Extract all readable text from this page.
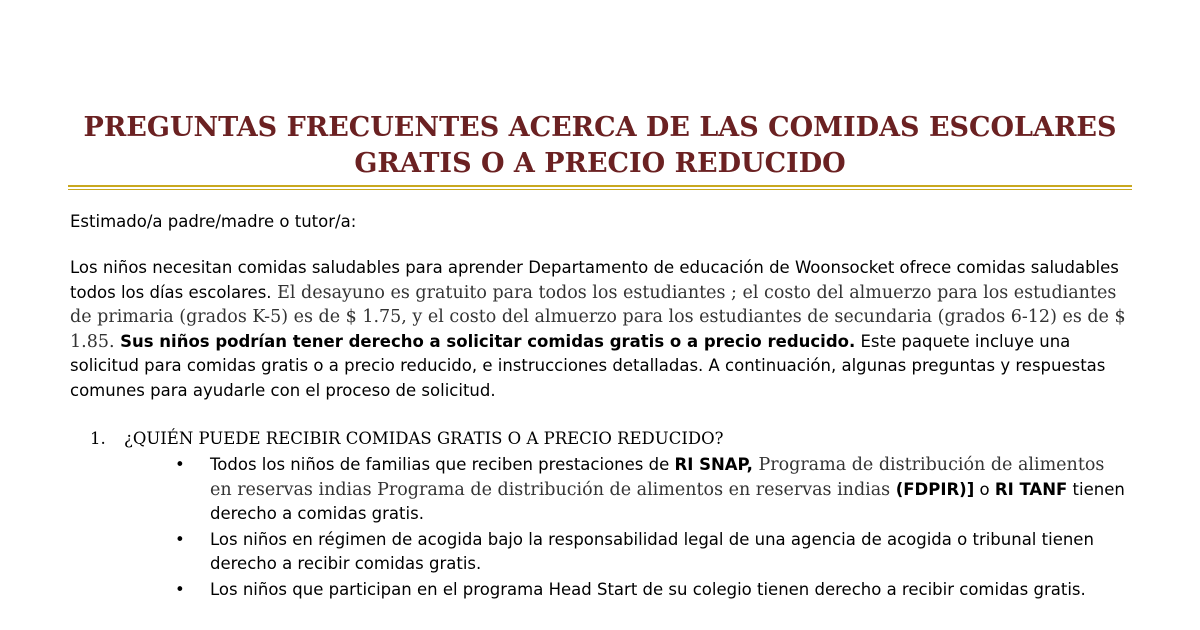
PREGUNTAS FRECUENTES ACERCA DE LAS COMIDAS ESCOLARES
GRATIS O A PRECIO REDUCIDO

Estimado/a padre/madre o tutor/a:

Los niños necesitan comidas saludables para aprender Departamento de educación de Woonsocket ofrece comidas saludables todos los días escolares. El desayuno es gratuito para todos los estudiantes ; el costo del almuerzo para los estudiantes de primaria (grados K-5) es de $ 1.75, y el costo del almuerzo para los estudiantes de secundaria (grados 6-12) es de $ 1.85. Sus niños podrían tener derecho a solicitar comidas gratis o a precio reducido. Este paquete incluye una solicitud para comidas gratis o a precio reducido, e instrucciones detalladas. A continuación, algunas preguntas y respuestas comunes para ayudarle con el proceso de solicitud.

1. ¿QUIÉN PUEDE RECIBIR COMIDAS GRATIS O A PRECIO REDUCIDO?

• Todos los niños de familias que reciben prestaciones de RI SNAP, Programa de distribución de alimentos en reservas indias Programa de distribución de alimentos en reservas indias (FDPIR)] o RI TANF tienen derecho a comidas gratis.
• Los niños en régimen de acogida bajo la responsabilidad legal de una agencia de acogida o tribunal tienen derecho a recibir comidas gratis.
• Los niños que participan en el programa Head Start de su colegio tienen derecho a recibir comidas gratis.
